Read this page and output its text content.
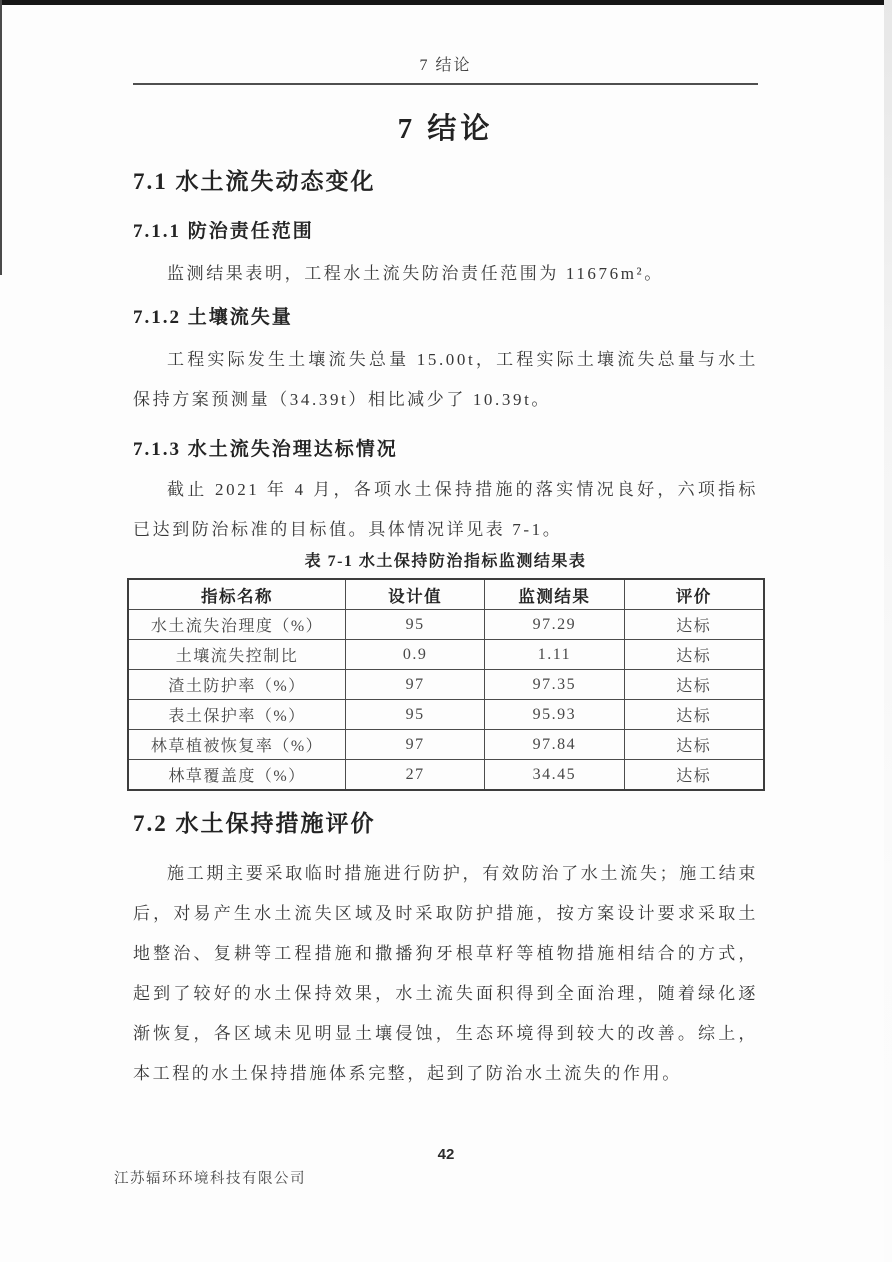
7 结论
7 结论
7.1 水土流失动态变化
7.1.1 防治责任范围

监测结果表明，工程水土流失防治责任范围为 11676m²。

7.1.2 土壤流失量

工程实际发生土壤流失总量 15.00t，工程实际土壤流失总量与水土保持方案预测量（34.39t）相比减少了 10.39t。

7.1.3 水土流失治理达标情况

截止 2021 年 4 月，各项水土保持措施的落实情况良好，六项指标已达到防治标准的目标值。具体情况详见表 7-1。

表 7-1 水土保持防治指标监测结果表
指标名称	设计值	监测结果	评价
水土流失治理度（%）	95	97.29	达标
土壤流失控制比	0.9	1.11	达标
渣土防护率（%）	97	97.35	达标
表土保护率（%）	95	95.93	达标
林草植被恢复率（%）	97	97.84	达标
林草覆盖度（%）	27	34.45	达标
7.2 水土保持措施评价

施工期主要采取临时措施进行防护，有效防治了水土流失；施工结束后，对易产生水土流失区域及时采取防护措施，按方案设计要求采取土地整治、复耕等工程措施和撒播狗牙根草籽等植物措施相结合的方式，起到了较好的水土保持效果，水土流失面积得到全面治理，随着绿化逐渐恢复，各区域未见明显土壤侵蚀，生态环境得到较大的改善。综上，本工程的水土保持措施体系完整，起到了防治水土流失的作用。

42
江苏辐环环境科技有限公司
